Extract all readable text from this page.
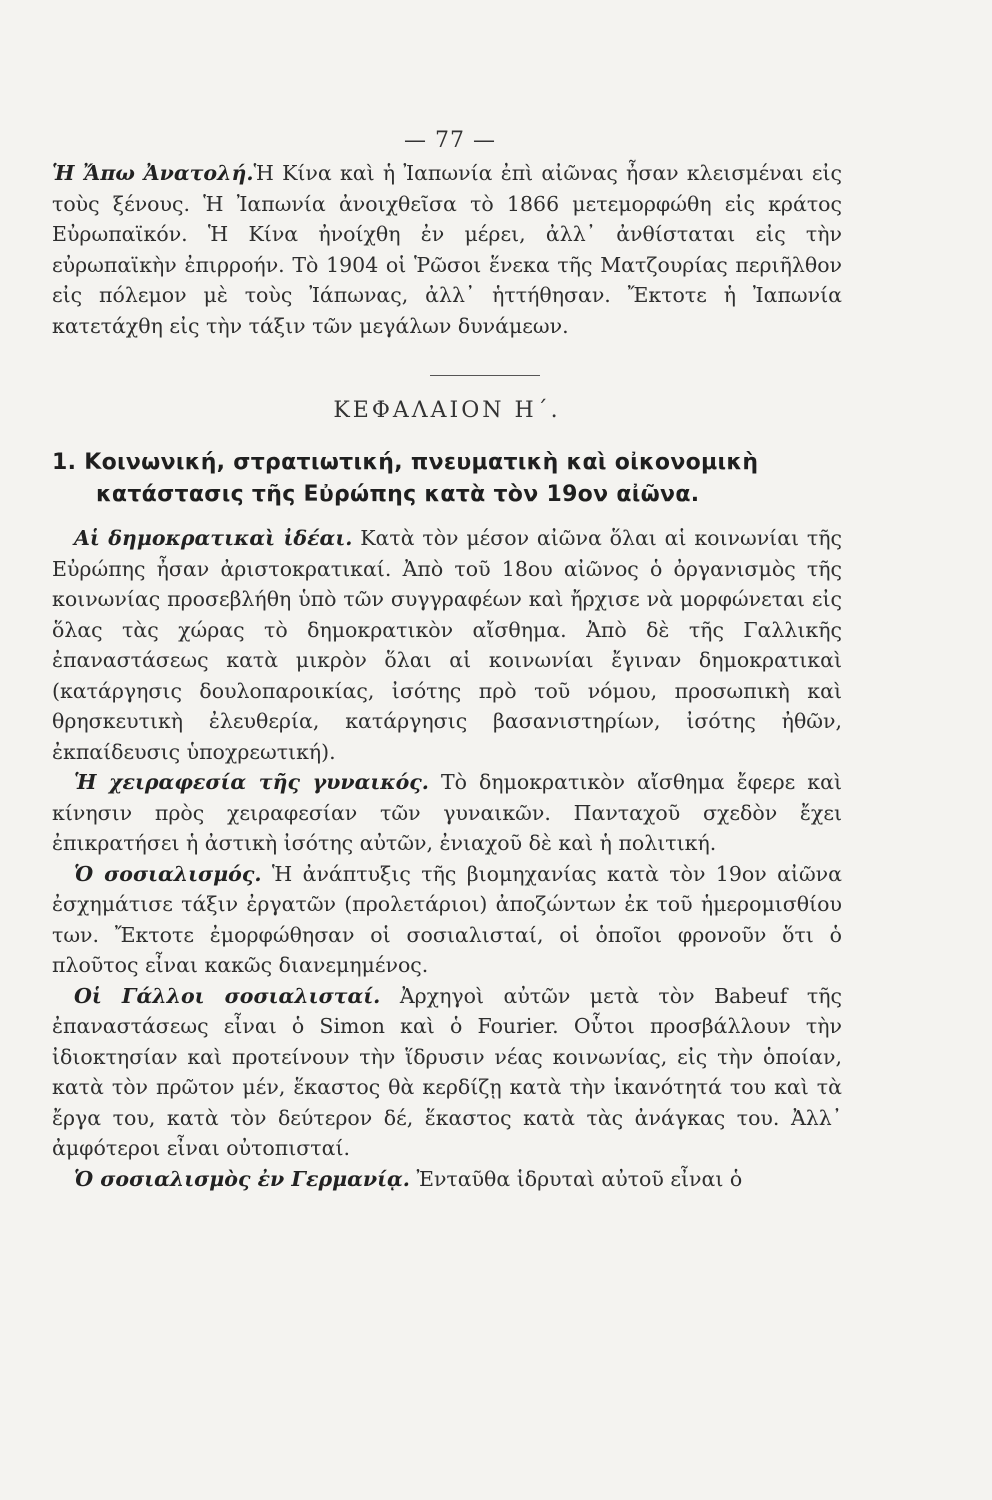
— 77 —

Ἡ Ἄπω Ἀνατολή.Ἡ Κίνα καὶ ἡ Ἰαπωνία ἐπὶ αἰῶνας ἦσαν κλεισμέναι εἰς τοὺς ξένους. Ἡ Ἰαπωνία ἀνοιχθεῖσα τὸ 1866 μετεμορφώθη εἰς κράτος Εὐρωπαϊκόν. Ἡ Κίνα ἠνοίχθη ἐν μέρει, ἀλλ᾽ ἀνθίσταται εἰς τὴν εὐρωπαϊκὴν ἐπιρροήν. Τὸ 1904 οἱ Ῥῶσοι ἕνεκα τῆς Ματζουρίας περιῆλθον εἰς πόλεμον μὲ τοὺς Ἰάπωνας, ἀλλ᾽ ἡττήθησαν. Ἔκτοτε ἡ Ἰαπωνία κατετάχθη εἰς τὴν τάξιν τῶν μεγάλων δυνάμεων.

ΚΕΦΑΛΑΙΟΝ Η΄.
1. Κοινωνική, στρατιωτική, πνευματικὴ καὶ οἰκονομικὴ
κατάστασις τῆς Εὐρώπης κατὰ τὸν 19ον αἰῶνα.

Αἱ δημοκρατικαὶ ἰδέαι. Κατὰ τὸν μέσον αἰῶνα ὅλαι αἱ κοινωνίαι τῆς Εὐρώπης ἦσαν ἀριστοκρατικαί. Ἀπὸ τοῦ 18ου αἰῶνος ὁ ὀργανισμὸς τῆς κοινωνίας προσεβλήθη ὑπὸ τῶν συγγραφέων καὶ ἤρχισε νὰ μορφώνεται εἰς ὅλας τὰς χώρας τὸ δημοκρατικὸν αἴσθημα. Ἀπὸ δὲ τῆς Γαλλικῆς ἐπαναστάσεως κατὰ μικρὸν ὅλαι αἱ κοινωνίαι ἔγιναν δημοκρατικαὶ (κατάργησις δουλοπαροικίας, ἰσότης πρὸ τοῦ νόμου, προσωπικὴ καὶ θρησκευτικὴ ἐλευθερία, κατάργησις βασανιστηρίων, ἰσότης ἠθῶν, ἐκπαίδευσις ὑποχρεωτική).

Ἡ χειραφεσία τῆς γυναικός. Τὸ δημοκρατικὸν αἴσθημα ἔφερε καὶ κίνησιν πρὸς χειραφεσίαν τῶν γυναικῶν. Πανταχοῦ σχεδὸν ἔχει ἐπικρατήσει ἡ ἀστικὴ ἰσότης αὐτῶν, ἐνιαχοῦ δὲ καὶ ἡ πολιτική.

Ὁ σοσιαλισμός. Ἡ ἀνάπτυξις τῆς βιομηχανίας κατὰ τὸν 19ον αἰῶνα ἐσχημάτισε τάξιν ἐργατῶν (προλετάριοι) ἀποζώντων ἐκ τοῦ ἡμερομισθίου των. Ἔκτοτε ἐμορφώθησαν οἱ σοσιαλισταί, οἱ ὁποῖοι φρονοῦν ὅτι ὁ πλοῦτος εἶναι κακῶς διανεμημένος.

Οἱ Γάλλοι σοσιαλισταί. Ἀρχηγοὶ αὐτῶν μετὰ τὸν Babeuf τῆς ἐπαναστάσεως εἶναι ὁ Simon καὶ ὁ Fourier. Οὗτοι προσβάλλουν τὴν ἰδιοκτησίαν καὶ προτείνουν τὴν ἵδρυσιν νέας κοινωνίας, εἰς τὴν ὁποίαν, κατὰ τὸν πρῶτον μέν, ἕκαστος θὰ κερδίζῃ κατὰ τὴν ἱκανότητά του καὶ τὰ ἔργα του, κατὰ τὸν δεύτερον δέ, ἕκαστος κατὰ τὰς ἀνάγκας του. Ἀλλ᾽ ἀμφότεροι εἶναι οὐτοπισταί.

Ὁ σοσιαλισμὸς ἐν Γερμανίᾳ. Ἐνταῦθα ἱδρυταὶ αὐτοῦ εἶναι ὁ
